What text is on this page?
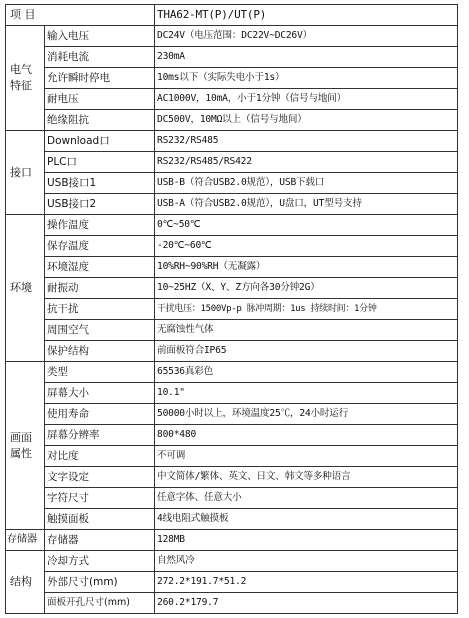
项 目		THA62-MT(P)/UT(P)

电气
特征	输入电压	DC24V（电压范围：DC22V~DC26V）
	消耗电流	230mA
	允许瞬时停电	10ms以下（实际失电小于1s）
	耐电压	AC1000V，10mA，小于1分钟（信号与地间）
	绝缘阻抗	DC500V，10MΩ以上（信号与地间）
接口	Download口	RS232/RS485
	PLC口	RS232/RS485/RS422
	USB接口1	USB-B（符合USB2.0规范），USB下载口
	USB接口2	USB-A（符合USB2.0规范），U盘口，UT型号支持
环境	操作温度	0℃~50℃
	保存温度	-20℃~60℃
	环境湿度	10%RH~90%RH（无凝露）
	耐振动	10~25HZ（X、Y、Z方向各30分钟2G）
	抗干扰	干扰电压：1500Vp-p 脉冲周期：1us 持续时间：1分钟
	周围空气	无腐蚀性气体
	保护结构	前面板符合IP65

画面
属性	类型	65536真彩色
	屏幕大小	10.1"
	使用寿命	50000小时以上，环境温度25℃，24小时运行
	屏幕分辨率	800*480
	对比度	不可调
	文字设定	中文简体/繁体、英文、日文、韩文等多种语言
	字符尺寸	任意字体、任意大小
	触摸面板	4线电阻式触摸板
存储器	存储器	128MB
结构	冷却方式	自然风冷
	外部尺寸(mm)	272.2*191.7*51.2
	面板开孔尺寸(mm)	260.2*179.7
